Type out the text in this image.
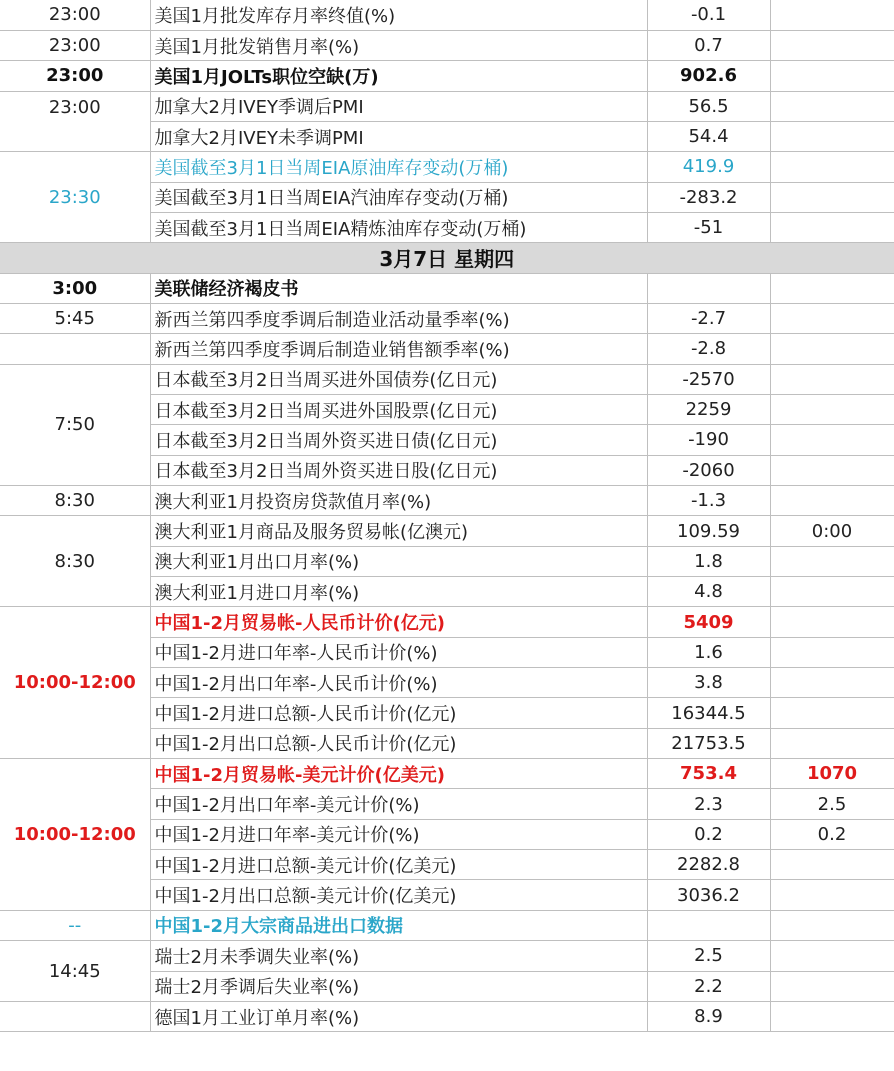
23:00	美国1月批发库存月率终值(%)	-0.1	
23:00	美国1月批发销售月率(%)	0.7	
23:00	美国1月JOLTs职位空缺(万)	902.6	
23:00	加拿大2月IVEY季调后PMI	56.5	
	加拿大2月IVEY未季调PMI	54.4	
23:30	美国截至3月1日当周EIA原油库存变动(万桶)	419.9	
	美国截至3月1日当周EIA汽油库存变动(万桶)	-283.2	
	美国截至3月1日当周EIA精炼油库存变动(万桶)	-51	
3月7日 星期四			
3:00	美联储经济褐皮书		
5:45	新西兰第四季度季调后制造业活动量季率(%)	-2.7	
	新西兰第四季度季调后制造业销售额季率(%)	-2.8	
7:50	日本截至3月2日当周买进外国债券(亿日元)	-2570	
	日本截至3月2日当周买进外国股票(亿日元)	2259	
	日本截至3月2日当周外资买进日债(亿日元)	-190	
	日本截至3月2日当周外资买进日股(亿日元)	-2060	
8:30	澳大利亚1月投资房贷款值月率(%)	-1.3	
8:30	澳大利亚1月商品及服务贸易帐(亿澳元)	109.59	0:00
	澳大利亚1月出口月率(%)	1.8	
	澳大利亚1月进口月率(%)	4.8	
10:00-12:00	中国1-2月贸易帐-人民币计价(亿元)	5409	
	中国1-2月进口年率-人民币计价(%)	1.6	
	中国1-2月出口年率-人民币计价(%)	3.8	
	中国1-2月进口总额-人民币计价(亿元)	16344.5	
	中国1-2月出口总额-人民币计价(亿元)	21753.5	
10:00-12:00	中国1-2月贸易帐-美元计价(亿美元)	753.4	1070
	中国1-2月出口年率-美元计价(%)	2.3	2.5
	中国1-2月进口年率-美元计价(%)	0.2	0.2
	中国1-2月进口总额-美元计价(亿美元)	2282.8	
	中国1-2月出口总额-美元计价(亿美元)	3036.2	
--	中国1-2月大宗商品进出口数据		
14:45	瑞士2月未季调失业率(%)	2.5	
	瑞士2月季调后失业率(%)	2.2	
	德国1月工业订单月率(%)	8.9	
